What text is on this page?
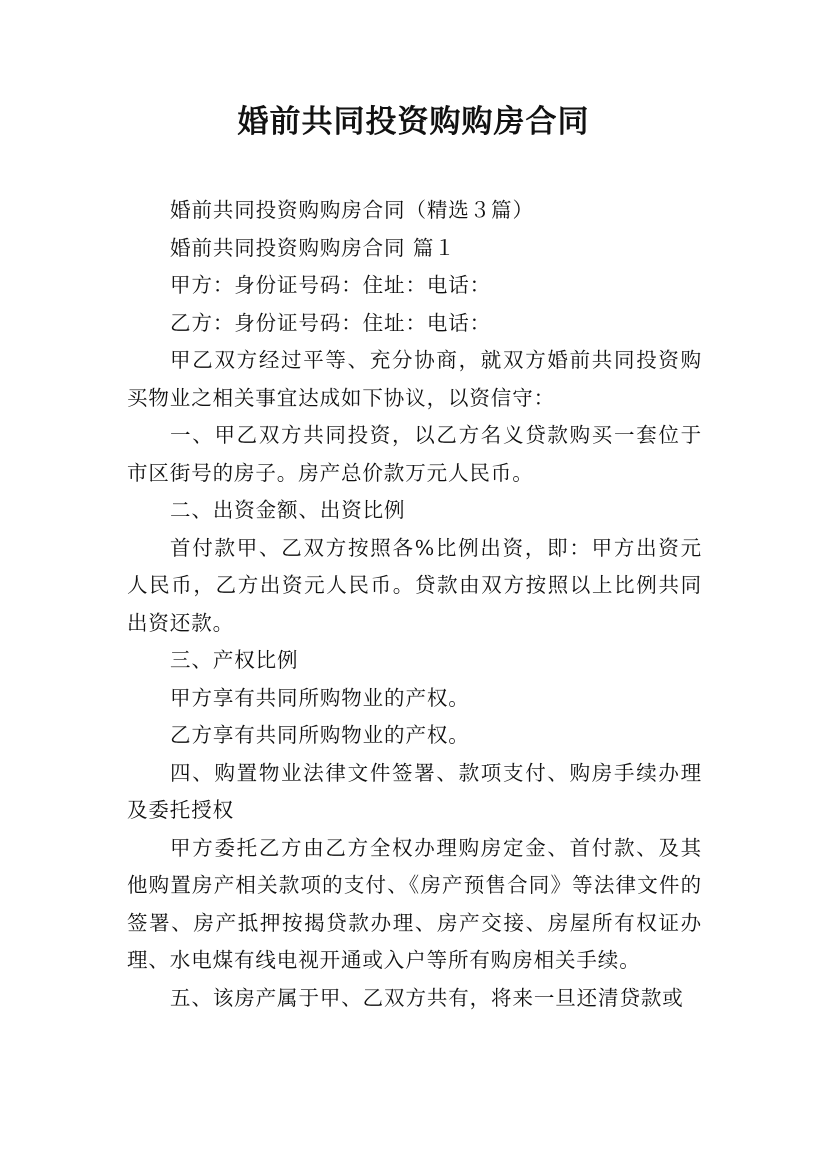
婚前共同投资购购房合同

婚前共同投资购购房合同（精选３篇）

婚前共同投资购购房合同 篇１

甲方：身份证号码：住址：电话：

乙方：身份证号码：住址：电话：

甲乙双方经过平等、充分协商，就双方婚前共同投资购买物业之相关事宜达成如下协议，以资信守：

一、甲乙双方共同投资，以乙方名义贷款购买一套位于市区街号的房子。房产总价款万元人民币。

二、出资金额、出资比例

首付款甲、乙双方按照各%比例出资，即：甲方出资元人民币，乙方出资元人民币。贷款由双方按照以上比例共同出资还款。

三、产权比例

甲方享有共同所购物业的产权。

乙方享有共同所购物业的产权。

四、购置物业法律文件签署、款项支付、购房手续办理及委托授权

甲方委托乙方由乙方全权办理购房定金、首付款、及其他购置房产相关款项的支付、《房产预售合同》等法律文件的签署、房产抵押按揭贷款办理、房产交接、房屋所有权证办理、水电煤有线电视开通或入户等所有购房相关手续。

五、该房产属于甲、乙双方共有，将来一旦还清贷款或
